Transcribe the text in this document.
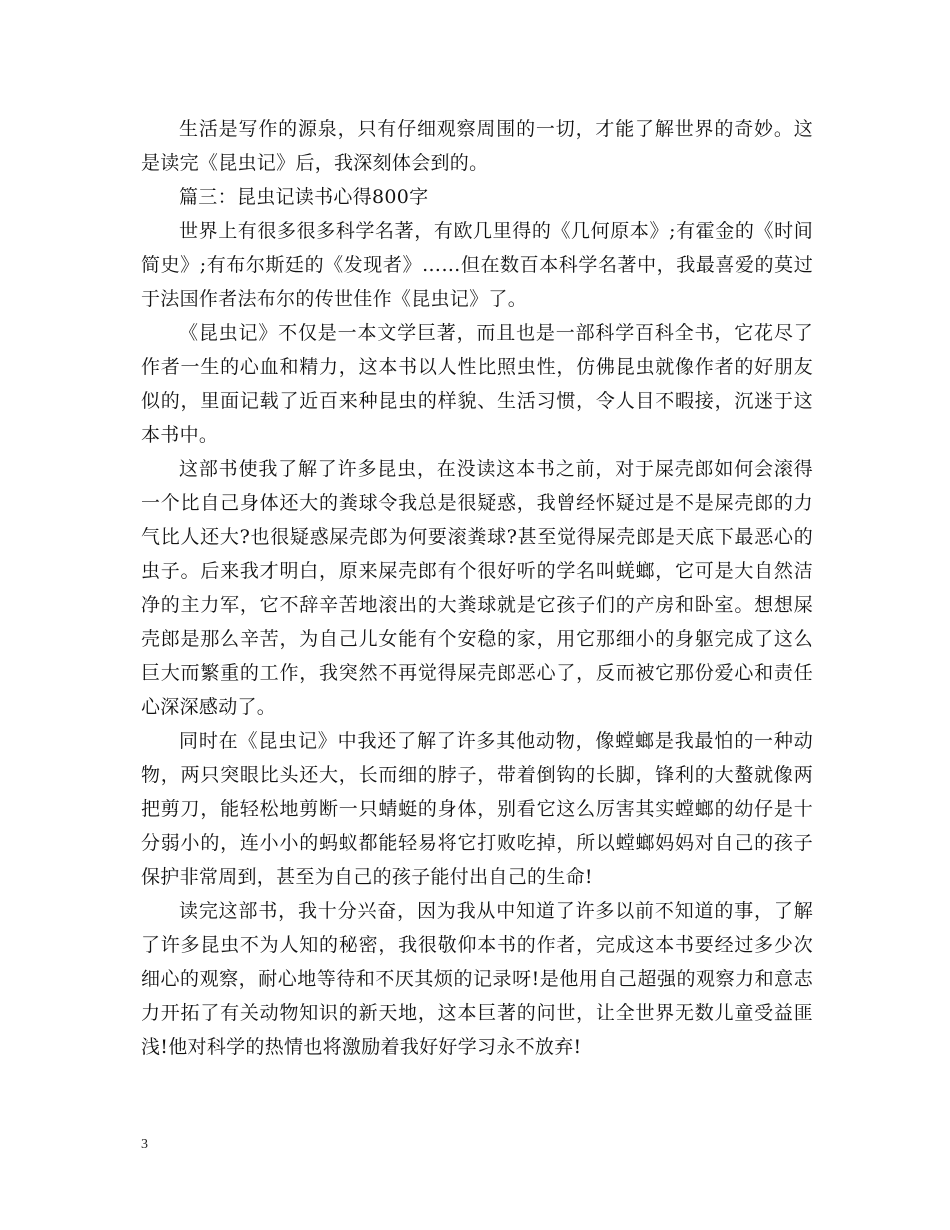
生活是写作的源泉，只有仔细观察周围的一切，才能了解世界的奇妙。这是读完《昆虫记》后，我深刻体会到的。

篇三：昆虫记读书心得800字

世界上有很多很多科学名著，有欧几里得的《几何原本》;有霍金的《时间简史》;有布尔斯廷的《发现者》……但在数百本科学名著中，我最喜爱的莫过于法国作者法布尔的传世佳作《昆虫记》了。

《昆虫记》不仅是一本文学巨著，而且也是一部科学百科全书，它花尽了作者一生的心血和精力，这本书以人性比照虫性，仿佛昆虫就像作者的好朋友似的，里面记载了近百来种昆虫的样貌、生活习惯，令人目不暇接，沉迷于这本书中。

这部书使我了解了许多昆虫，在没读这本书之前，对于屎壳郎如何会滚得一个比自己身体还大的粪球令我总是很疑惑，我曾经怀疑过是不是屎壳郎的力气比人还大?也很疑惑屎壳郎为何要滚粪球?甚至觉得屎壳郎是天底下最恶心的虫子。后来我才明白，原来屎壳郎有个很好听的学名叫蜣螂，它可是大自然洁净的主力军，它不辞辛苦地滚出的大粪球就是它孩子们的产房和卧室。想想屎壳郎是那么辛苦，为自己儿女能有个安稳的家，用它那细小的身躯完成了这么巨大而繁重的工作，我突然不再觉得屎壳郎恶心了，反而被它那份爱心和责任心深深感动了。

同时在《昆虫记》中我还了解了许多其他动物，像螳螂是我最怕的一种动物，两只突眼比头还大，长而细的脖子，带着倒钩的长脚，锋利的大螯就像两把剪刀，能轻松地剪断一只蜻蜓的身体，别看它这么厉害其实螳螂的幼仔是十分弱小的，连小小的蚂蚁都能轻易将它打败吃掉，所以螳螂妈妈对自己的孩子保护非常周到，甚至为自己的孩子能付出自己的生命!

读完这部书，我十分兴奋，因为我从中知道了许多以前不知道的事，了解了许多昆虫不为人知的秘密，我很敬仰本书的作者，完成这本书要经过多少次细心的观察，耐心地等待和不厌其烦的记录呀!是他用自己超强的观察力和意志力开拓了有关动物知识的新天地，这本巨著的问世，让全世界无数儿童受益匪浅!他对科学的热情也将激励着我好好学习永不放弃!

3
